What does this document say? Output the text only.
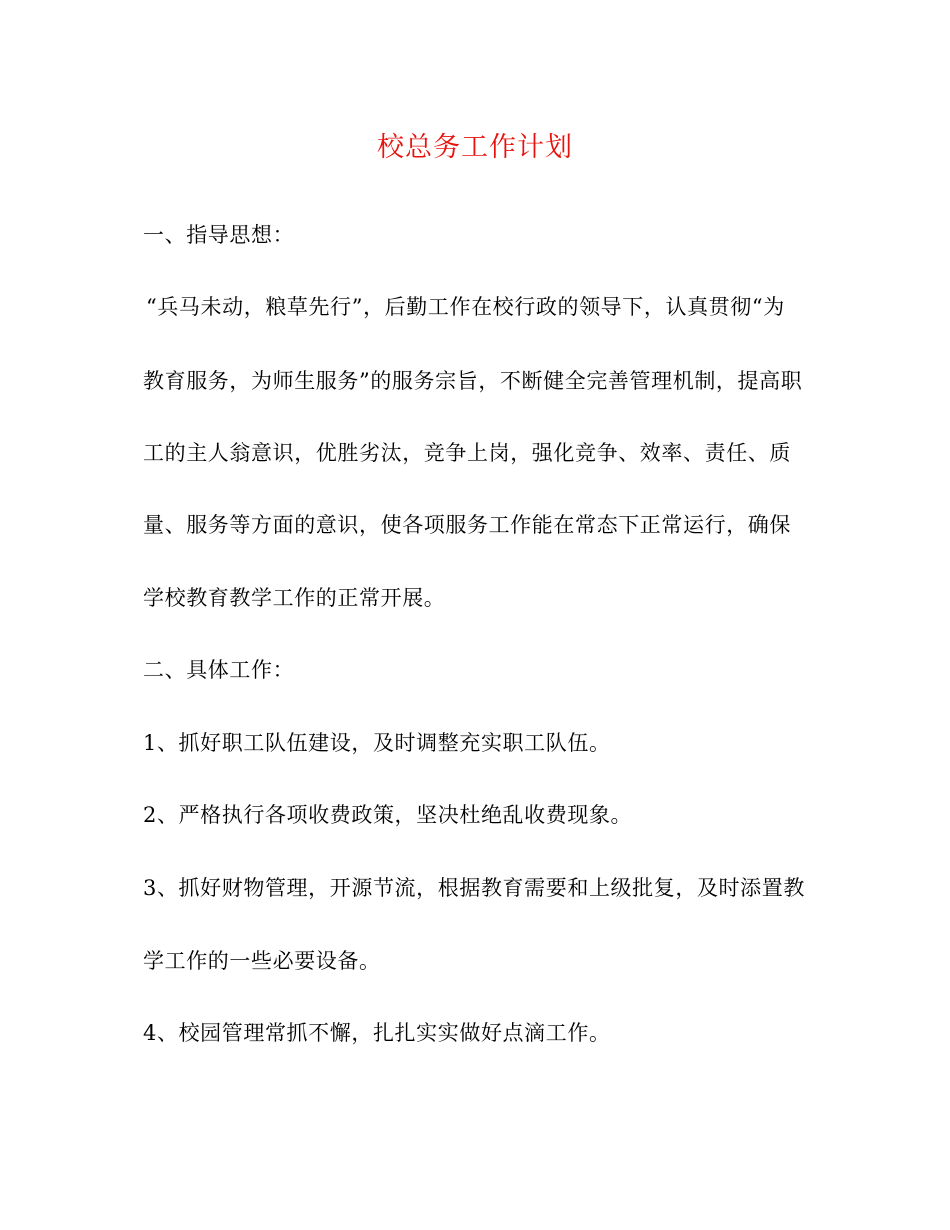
校总务工作计划
一、指导思想：
“兵马未动，粮草先行”，后勤工作在校行政的领导下，认真贯彻“为
教育服务，为师生服务”的服务宗旨，不断健全完善管理机制，提高职
工的主人翁意识，优胜劣汰，竞争上岗，强化竞争、效率、责任、质
量、服务等方面的意识，使各项服务工作能在常态下正常运行，确保
学校教育教学工作的正常开展。
二、具体工作：
1、抓好职工队伍建设，及时调整充实职工队伍。
2、严格执行各项收费政策，坚决杜绝乱收费现象。
3、抓好财物管理，开源节流，根据教育需要和上级批复，及时添置教
学工作的一些必要设备。
4、校园管理常抓不懈，扎扎实实做好点滴工作。
